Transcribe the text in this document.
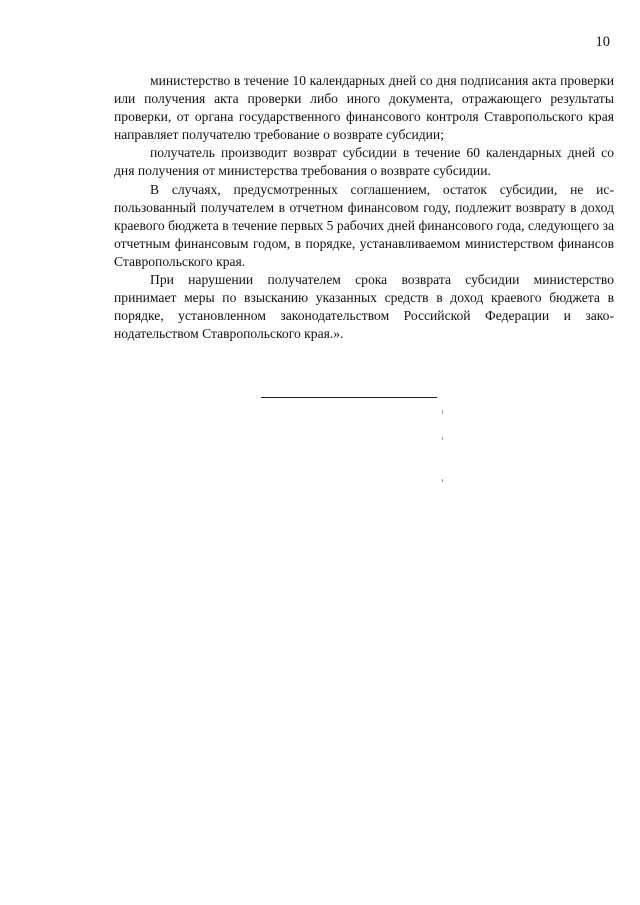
10

министерство в течение 10 календарных дней со дня подписания акта проверки или получения акта проверки либо иного документа, отражающего результаты проверки, от органа государственного финансового контроля Ставропольского края направляет получателю требование о возврате субсидии;

получатель производит возврат субсидии в течение 60 календарных дней со дня получения от министерства требования о возврате субсидии.

В случаях, предусмотренных соглашением, остаток субсидии, не использованный получателем в отчетном финансовом году, подлежит возврату в доход краевого бюджета в течение первых 5 рабочих дней финансового года, следующего за отчетным финансовым годом, в порядке, устанавливаемом министерством финансов Ставропольского края.

При нарушении получателем срока возврата субсидии министерство принимает меры по взысканию указанных средств в доход краевого бюджета в порядке, установленном законодательством Российской Федерации и законодательством Ставропольского края.».
